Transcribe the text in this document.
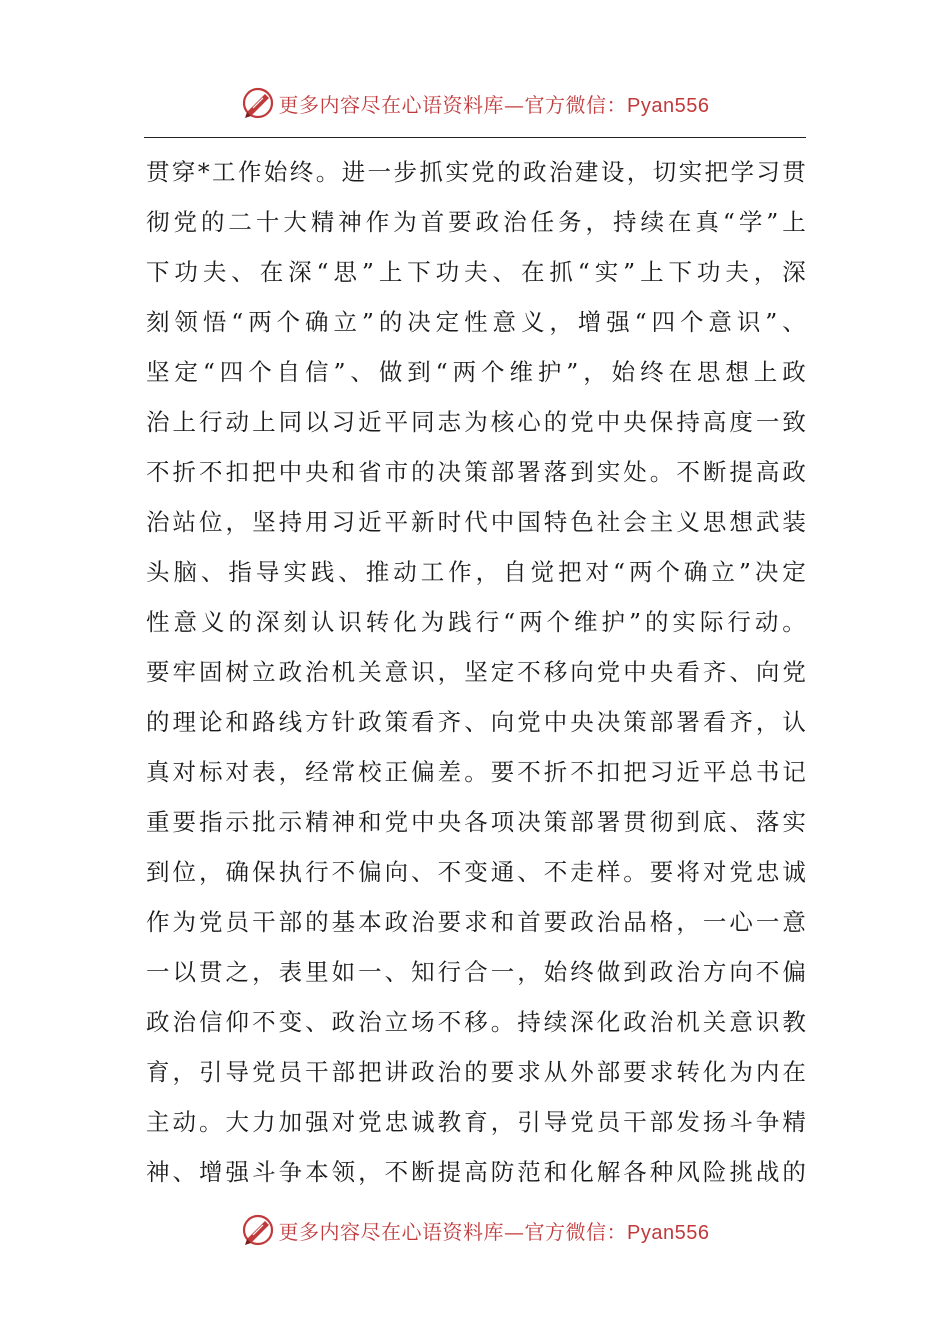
更多内容尽在心语资料库—官方微信：Pyan556
贯 穿 * 工 作 始 终 。 进 一 步 抓 实 党 的 政 治 建 设 ， 切 实 把 学 习 贯
彻 党 的 二 十 大 精 神 作 为 首 要 政 治 任 务 ， 持 续 在 真 “ 学 ” 上
下 功 夫 、 在 深 “ 思 ” 上 下 功 夫 、 在 抓 “ 实 ” 上 下 功 夫 ， 深
刻 领 悟 “ 两 个 确 立 ” 的 决 定 性 意 义 ， 增 强 “ 四 个 意 识 ” 、
坚 定 “ 四 个 自 信 ” 、 做 到 “ 两 个 维 护 ” ， 始 终 在 思 想 上 政
治 上 行 动 上 同 以 习 近 平 同 志 为 核 心 的 党 中 央 保 持 高 度 一 致
不 折 不 扣 把 中 央 和 省 市 的 决 策 部 署 落 到 实 处 。 不 断 提 高 政
治 站 位 ， 坚 持 用 习 近 平 新 时 代 中 国 特 色 社 会 主 义 思 想 武 装
头 脑 、 指 导 实 践 、 推 动 工 作 ， 自 觉 把 对 “ 两 个 确 立 ” 决 定
性 意 义 的 深 刻 认 识 转 化 为 践 行 “ 两 个 维 护 ” 的 实 际 行 动 。
要 牢 固 树 立 政 治 机 关 意 识 ， 坚 定 不 移 向 党 中 央 看 齐 、 向 党
的 理 论 和 路 线 方 针 政 策 看 齐 、 向 党 中 央 决 策 部 署 看 齐 ， 认
真 对 标 对 表 ， 经 常 校 正 偏 差 。 要 不 折 不 扣 把 习 近 平 总 书 记
重 要 指 示 批 示 精 神 和 党 中 央 各 项 决 策 部 署 贯 彻 到 底 、 落 实
到 位 ， 确 保 执 行 不 偏 向 、 不 变 通 、 不 走 样 。 要 将 对 党 忠 诚
作 为 党 员 干 部 的 基 本 政 治 要 求 和 首 要 政 治 品 格 ， 一 心 一 意
一 以 贯 之 ， 表 里 如 一 、 知 行 合 一 ， 始 终 做 到 政 治 方 向 不 偏
政 治 信 仰 不 变 、 政 治 立 场 不 移 。 持 续 深 化 政 治 机 关 意 识 教
育 ， 引 导 党 员 干 部 把 讲 政 治 的 要 求 从 外 部 要 求 转 化 为 内 在
主 动 。 大 力 加 强 对 党 忠 诚 教 育 ， 引 导 党 员 干 部 发 扬 斗 争 精
神 、 增 强 斗 争 本 领 ， 不 断 提 高 防 范 和 化 解 各 种 风 险 挑 战 的
更多内容尽在心语资料库—官方微信：Pyan556
